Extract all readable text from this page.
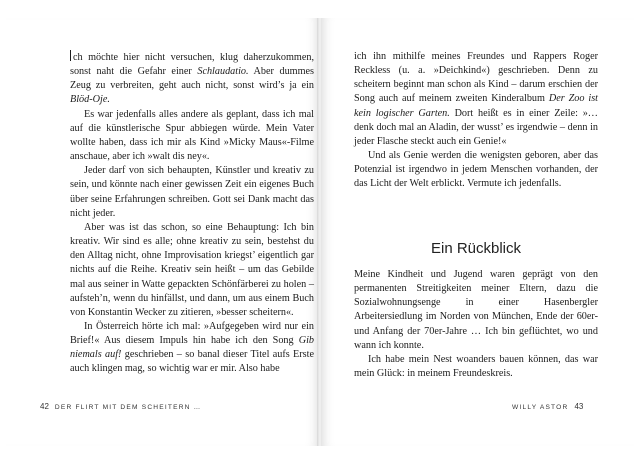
ch möchte hier nicht versuchen, klug daherzukommen, sonst naht die Gefahr einer Schlaudatio. Aber dummes Zeug zu verbreiten, geht auch nicht, sonst wird’s ja ein Blöd-Oje.

Es war jedenfalls alles andere als geplant, dass ich mal auf die künstlerische Spur abbiegen würde. Mein Vater wollte haben, dass ich mir als Kind »Micky Maus«-Filme anschaue, aber ich »walt dis ney«.

Jeder darf von sich behaupten, Künstler und kreativ zu sein, und könnte nach einer gewissen Zeit ein eigenes Buch über seine Erfahrungen schreiben. Gott sei Dank macht das nicht jeder.

Aber was ist das schon, so eine Behauptung: Ich bin kreativ. Wir sind es alle; ohne kreativ zu sein, bestehst du den Alltag nicht, ohne Improvisation kriegst’ eigentlich gar nichts auf die Reihe. Kreativ sein heißt – um das Gebilde mal aus seiner in Watte gepackten Schönfärberei zu holen – aufsteh’n, wenn du hinfällst, und dann, um aus einem Buch von Konstantin Wecker zu zitieren, »besser scheitern«.

In Österreich hörte ich mal: »Aufgegeben wird nur ein Brief!« Aus diesem Impuls hin habe ich den Song Gib niemals auf! geschrieben – so banal dieser Titel aufs Erste auch klingen mag, so wichtig war er mir. Also habe

42 DER FLIRT MIT DEM SCHEITERN …

ich ihn mithilfe meines Freundes und Rappers Roger Reckless (u. a. »Deichkind«) geschrieben. Denn zu scheitern beginnt man schon als Kind – darum erschien der Song auch auf meinem zweiten Kinderalbum Der Zoo ist kein logischer Garten. Dort heißt es in einer Zeile: »… denk doch mal an Aladin, der wusst’ es irgendwie – denn in jeder Flasche steckt auch ein Genie!«

Und als Genie werden die wenigsten geboren, aber das Potenzial ist irgendwo in jedem Menschen vorhanden, der das Licht der Welt erblickt. Vermute ich jedenfalls.

Ein Rückblick

Meine Kindheit und Jugend waren geprägt von den permanenten Streitigkeiten meiner Eltern, dazu die Sozialwohnungsenge in einer Hasenbergler Arbeitersiedlung im Norden von München, Ende der 60er- und Anfang der 70er-Jahre … Ich bin geflüchtet, wo und wann ich konnte.

Ich habe mein Nest woanders bauen können, das war mein Glück: in meinem Freundeskreis.

WILLY ASTOR 43
